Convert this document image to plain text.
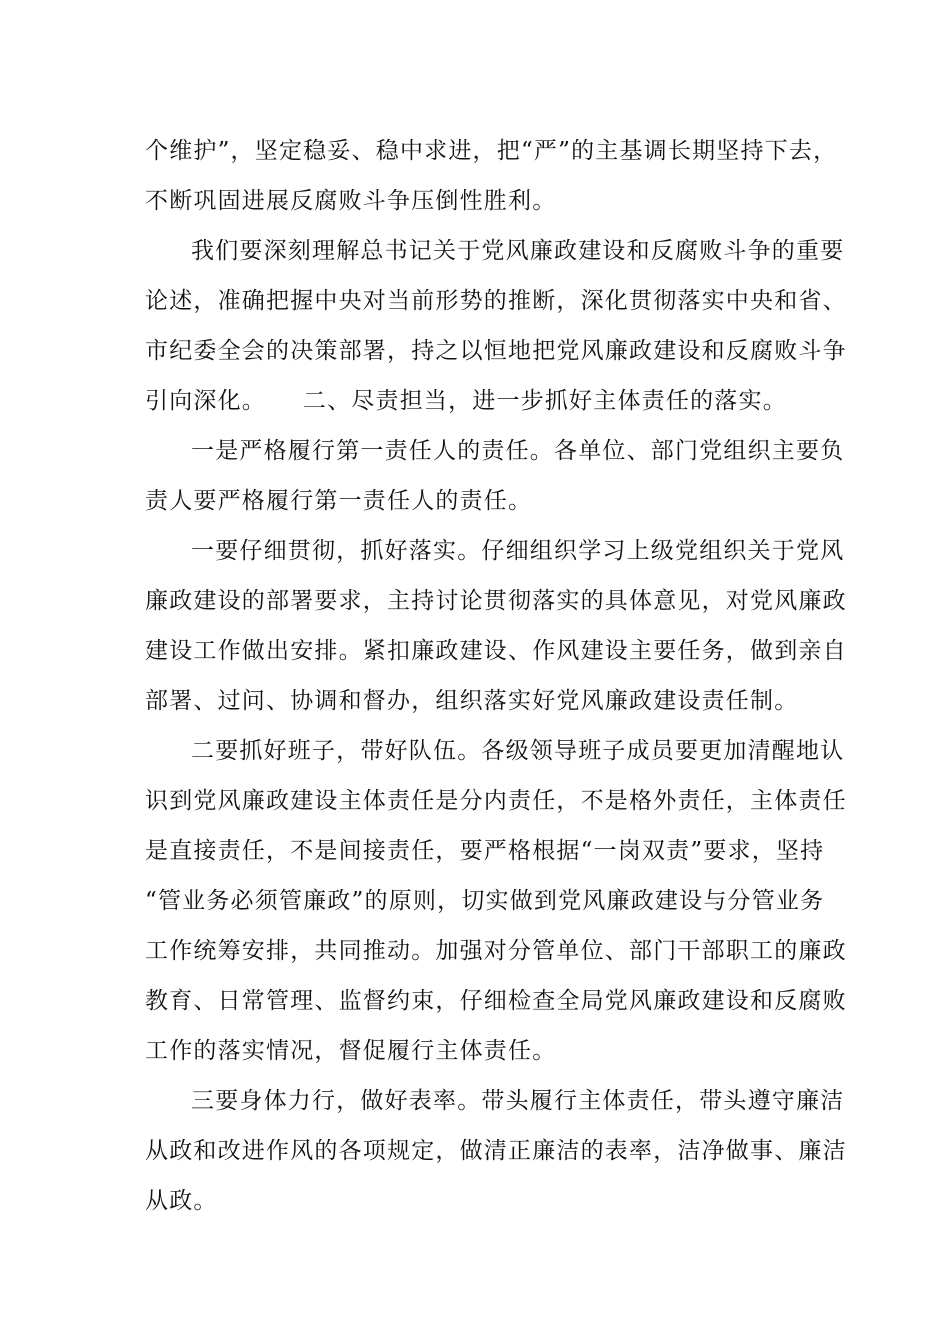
个维护”，坚定稳妥、稳中求进，把“严”的主基调长期坚持下去，
不断巩固进展反腐败斗争压倒性胜利。
我们要深刻理解总书记关于党风廉政建设和反腐败斗争的重要
论述，准确把握中央对当前形势的推断，深化贯彻落实中央和省、
市纪委全会的决策部署，持之以恒地把党风廉政建设和反腐败斗争
引向深化。　　二、尽责担当，进一步抓好主体责任的落实。
一是严格履行第一责任人的责任。各单位、部门党组织主要负
责人要严格履行第一责任人的责任。
一要仔细贯彻，抓好落实。仔细组织学习上级党组织关于党风
廉政建设的部署要求，主持讨论贯彻落实的具体意见，对党风廉政
建设工作做出安排。紧扣廉政建设、作风建设主要任务，做到亲自
部署、过问、协调和督办，组织落实好党风廉政建设责任制。
二要抓好班子，带好队伍。各级领导班子成员要更加清醒地认
识到党风廉政建设主体责任是分内责任，不是格外责任，主体责任
是直接责任，不是间接责任，要严格根据“一岗双责”要求，坚持
“管业务必须管廉政”的原则，切实做到党风廉政建设与分管业务
工作统筹安排，共同推动。加强对分管单位、部门干部职工的廉政
教育、日常管理、监督约束，仔细检查全局党风廉政建设和反腐败
工作的落实情况，督促履行主体责任。
三要身体力行，做好表率。带头履行主体责任，带头遵守廉洁
从政和改进作风的各项规定，做清正廉洁的表率，洁净做事、廉洁
从政。
